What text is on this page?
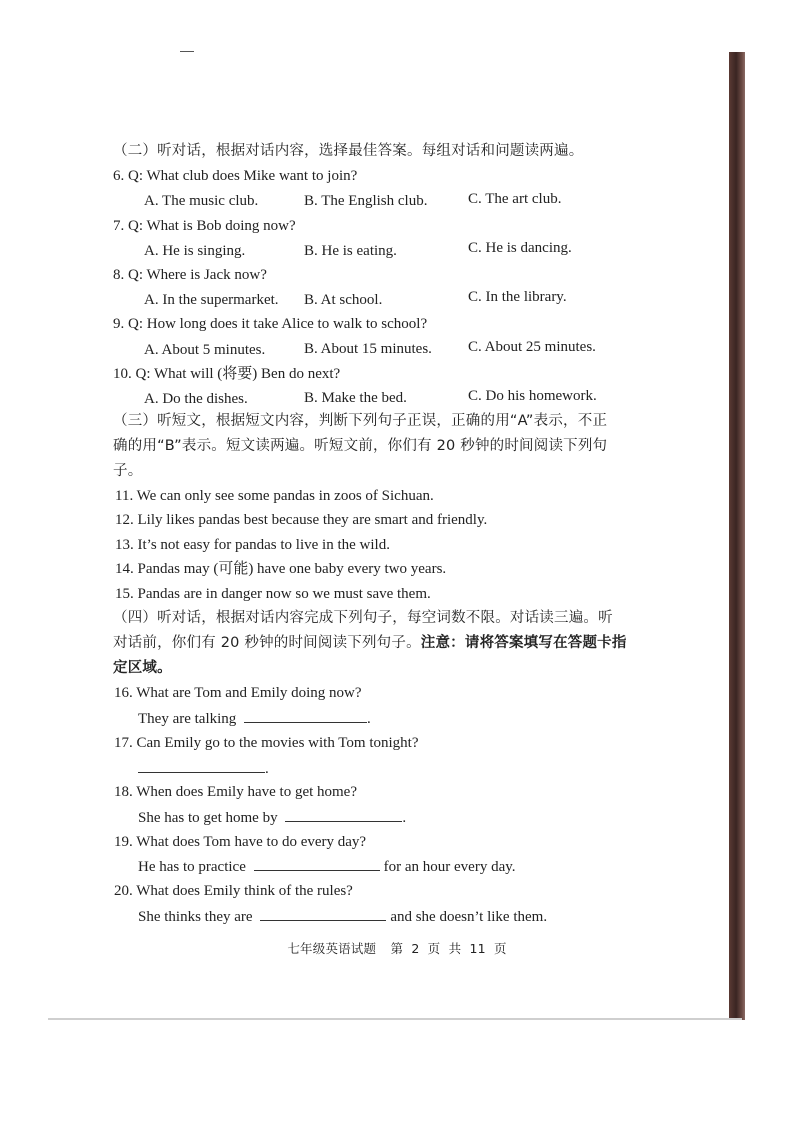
（二）听对话，根据对话内容，选择最佳答案。每组对话和问题读两遍。
6. Q: What club does Mike want to join?
A. The music club.	B. The English club.	C. The art club.
7. Q: What is Bob doing now?
A. He is singing.	B. He is eating.	C. He is dancing.
8. Q: Where is Jack now?
A. In the supermarket. B. At school.	C. In the library.
9. Q: How long does it take Alice to walk to school?
A. About 5 minutes.	B. About 15 minutes. C. About 25 minutes.
10. Q: What will (将要) Ben do next?
A. Do the dishes.	B. Make the bed.	C. Do his homework.
（三）听短文，根据短文内容，判断下列句子正误，正确的用“A”表示，不正
确的用“B”表示。短文读两遍。听短文前，你们有 20 秒钟的时间阅读下列句
子。
11. We can only see some pandas in zoos of Sichuan.
12. Lily likes pandas best because they are smart and friendly.
13. It’s not easy for pandas to live in the wild.
14. Pandas may (可能) have one baby every two years.
15. Pandas are in danger now so we must save them.
（四）听对话，根据对话内容完成下列句子，每空词数不限。对话读三遍。听
对话前，你们有 20 秒钟的时间阅读下列句子。注意：请将答案填写在答题卡指
定区域。
16. What are Tom and Emily doing now?
They are talking	.
17. Can Emily go to the movies with Tom tonight?
.
18. When does Emily have to get home?
She has to get home by	.
19. What does Tom have to do every day?
He has to practice	for an hour every day.
20. What does Emily think of the rules?
She thinks they are	and she doesn’t like them.
七年级英语试题 第 2 页 共 11 页
